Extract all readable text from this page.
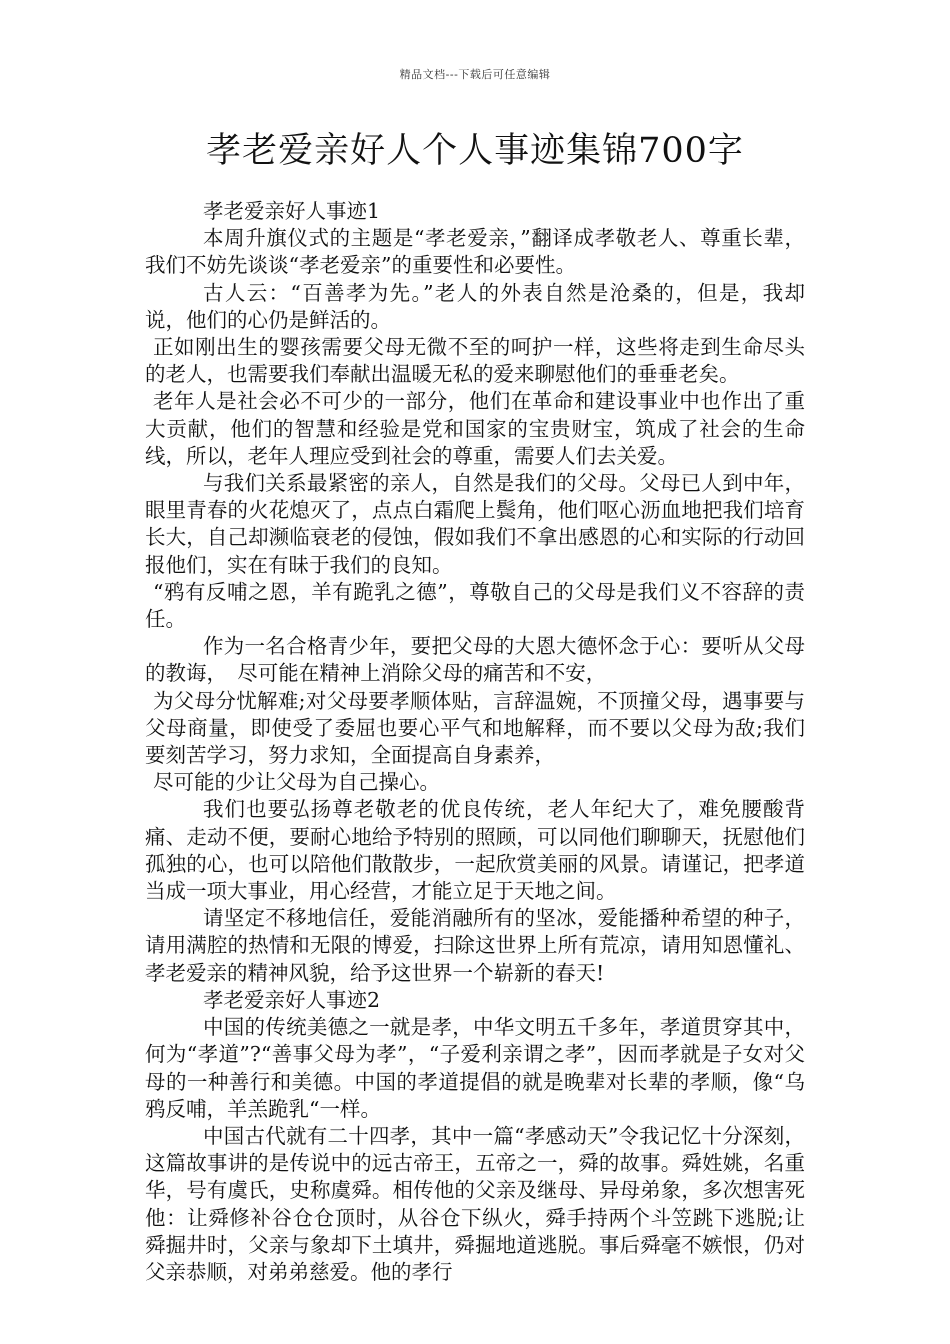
精品文档---下载后可任意编辑
孝老爱亲好人个人事迹集锦700字

孝老爱亲好人事迹1

本周升旗仪式的主题是“孝老爱亲，”翻译成孝敬老人、尊重长辈，我们不妨先谈谈“孝老爱亲”的重要性和必要性。

古人云：“百善孝为先。”老人的外表自然是沧桑的，但是，我却说，他们的心仍是鲜活的。

正如刚出生的婴孩需要父母无微不至的呵护一样，这些将走到生命尽头的老人，也需要我们奉献出温暖无私的爱来聊慰他们的垂垂老矣。

老年人是社会必不可少的一部分，他们在革命和建设事业中也作出了重大贡献，他们的智慧和经验是党和国家的宝贵财宝，筑成了社会的生命线，所以，老年人理应受到社会的尊重，需要人们去关爱。

与我们关系最紧密的亲人，自然是我们的父母。父母已人到中年，眼里青春的火花熄灭了，点点白霜爬上鬓角，他们呕心沥血地把我们培育长大，自己却濒临衰老的侵蚀，假如我们不拿出感恩的心和实际的行动回报他们，实在有昧于我们的良知。

“鸦有反哺之恩，羊有跪乳之德”，尊敬自己的父母是我们义不容辞的责任。

作为一名合格青少年，要把父母的大恩大德怀念于心：要听从父母的教诲，　尽可能在精神上消除父母的痛苦和不安，

为父母分忧解难;对父母要孝顺体贴，言辞温婉，不顶撞父母，遇事要与父母商量，即使受了委屈也要心平气和地解释，而不要以父母为敌;我们要刻苦学习，努力求知，全面提高自身素养，

尽可能的少让父母为自己操心。

我们也要弘扬尊老敬老的优良传统，老人年纪大了，难免腰酸背痛、走动不便，要耐心地给予特别的照顾，可以同他们聊聊天，抚慰他们孤独的心，也可以陪他们散散步，一起欣赏美丽的风景。请谨记，把孝道当成一项大事业，用心经营，才能立足于天地之间。

请坚定不移地信任，爱能消融所有的坚冰，爱能播种希望的种子，请用满腔的热情和无限的博爱，扫除这世界上所有荒凉，请用知恩懂礼、孝老爱亲的精神风貌，给予这世界一个崭新的春天!

孝老爱亲好人事迹2

中国的传统美德之一就是孝，中华文明五千多年，孝道贯穿其中，何为“孝道”?“善事父母为孝”，“子爱利亲谓之孝”，因而孝就是子女对父母的一种善行和美德。中国的孝道提倡的就是晚辈对长辈的孝顺，像“乌鸦反哺，羊羔跪乳“一样。

中国古代就有二十四孝，其中一篇“孝感动天”令我记忆十分深刻，这篇故事讲的是传说中的远古帝王，五帝之一，舜的故事。舜姓姚，名重华，号有虞氏，史称虞舜。相传他的父亲及继母、异母弟象，多次想害死他：让舜修补谷仓仓顶时，从谷仓下纵火，舜手持两个斗笠跳下逃脱;让舜掘井时，父亲与象却下土填井，舜掘地道逃脱。事后舜毫不嫉恨，仍对父亲恭顺，对弟弟慈爱。他的孝行
